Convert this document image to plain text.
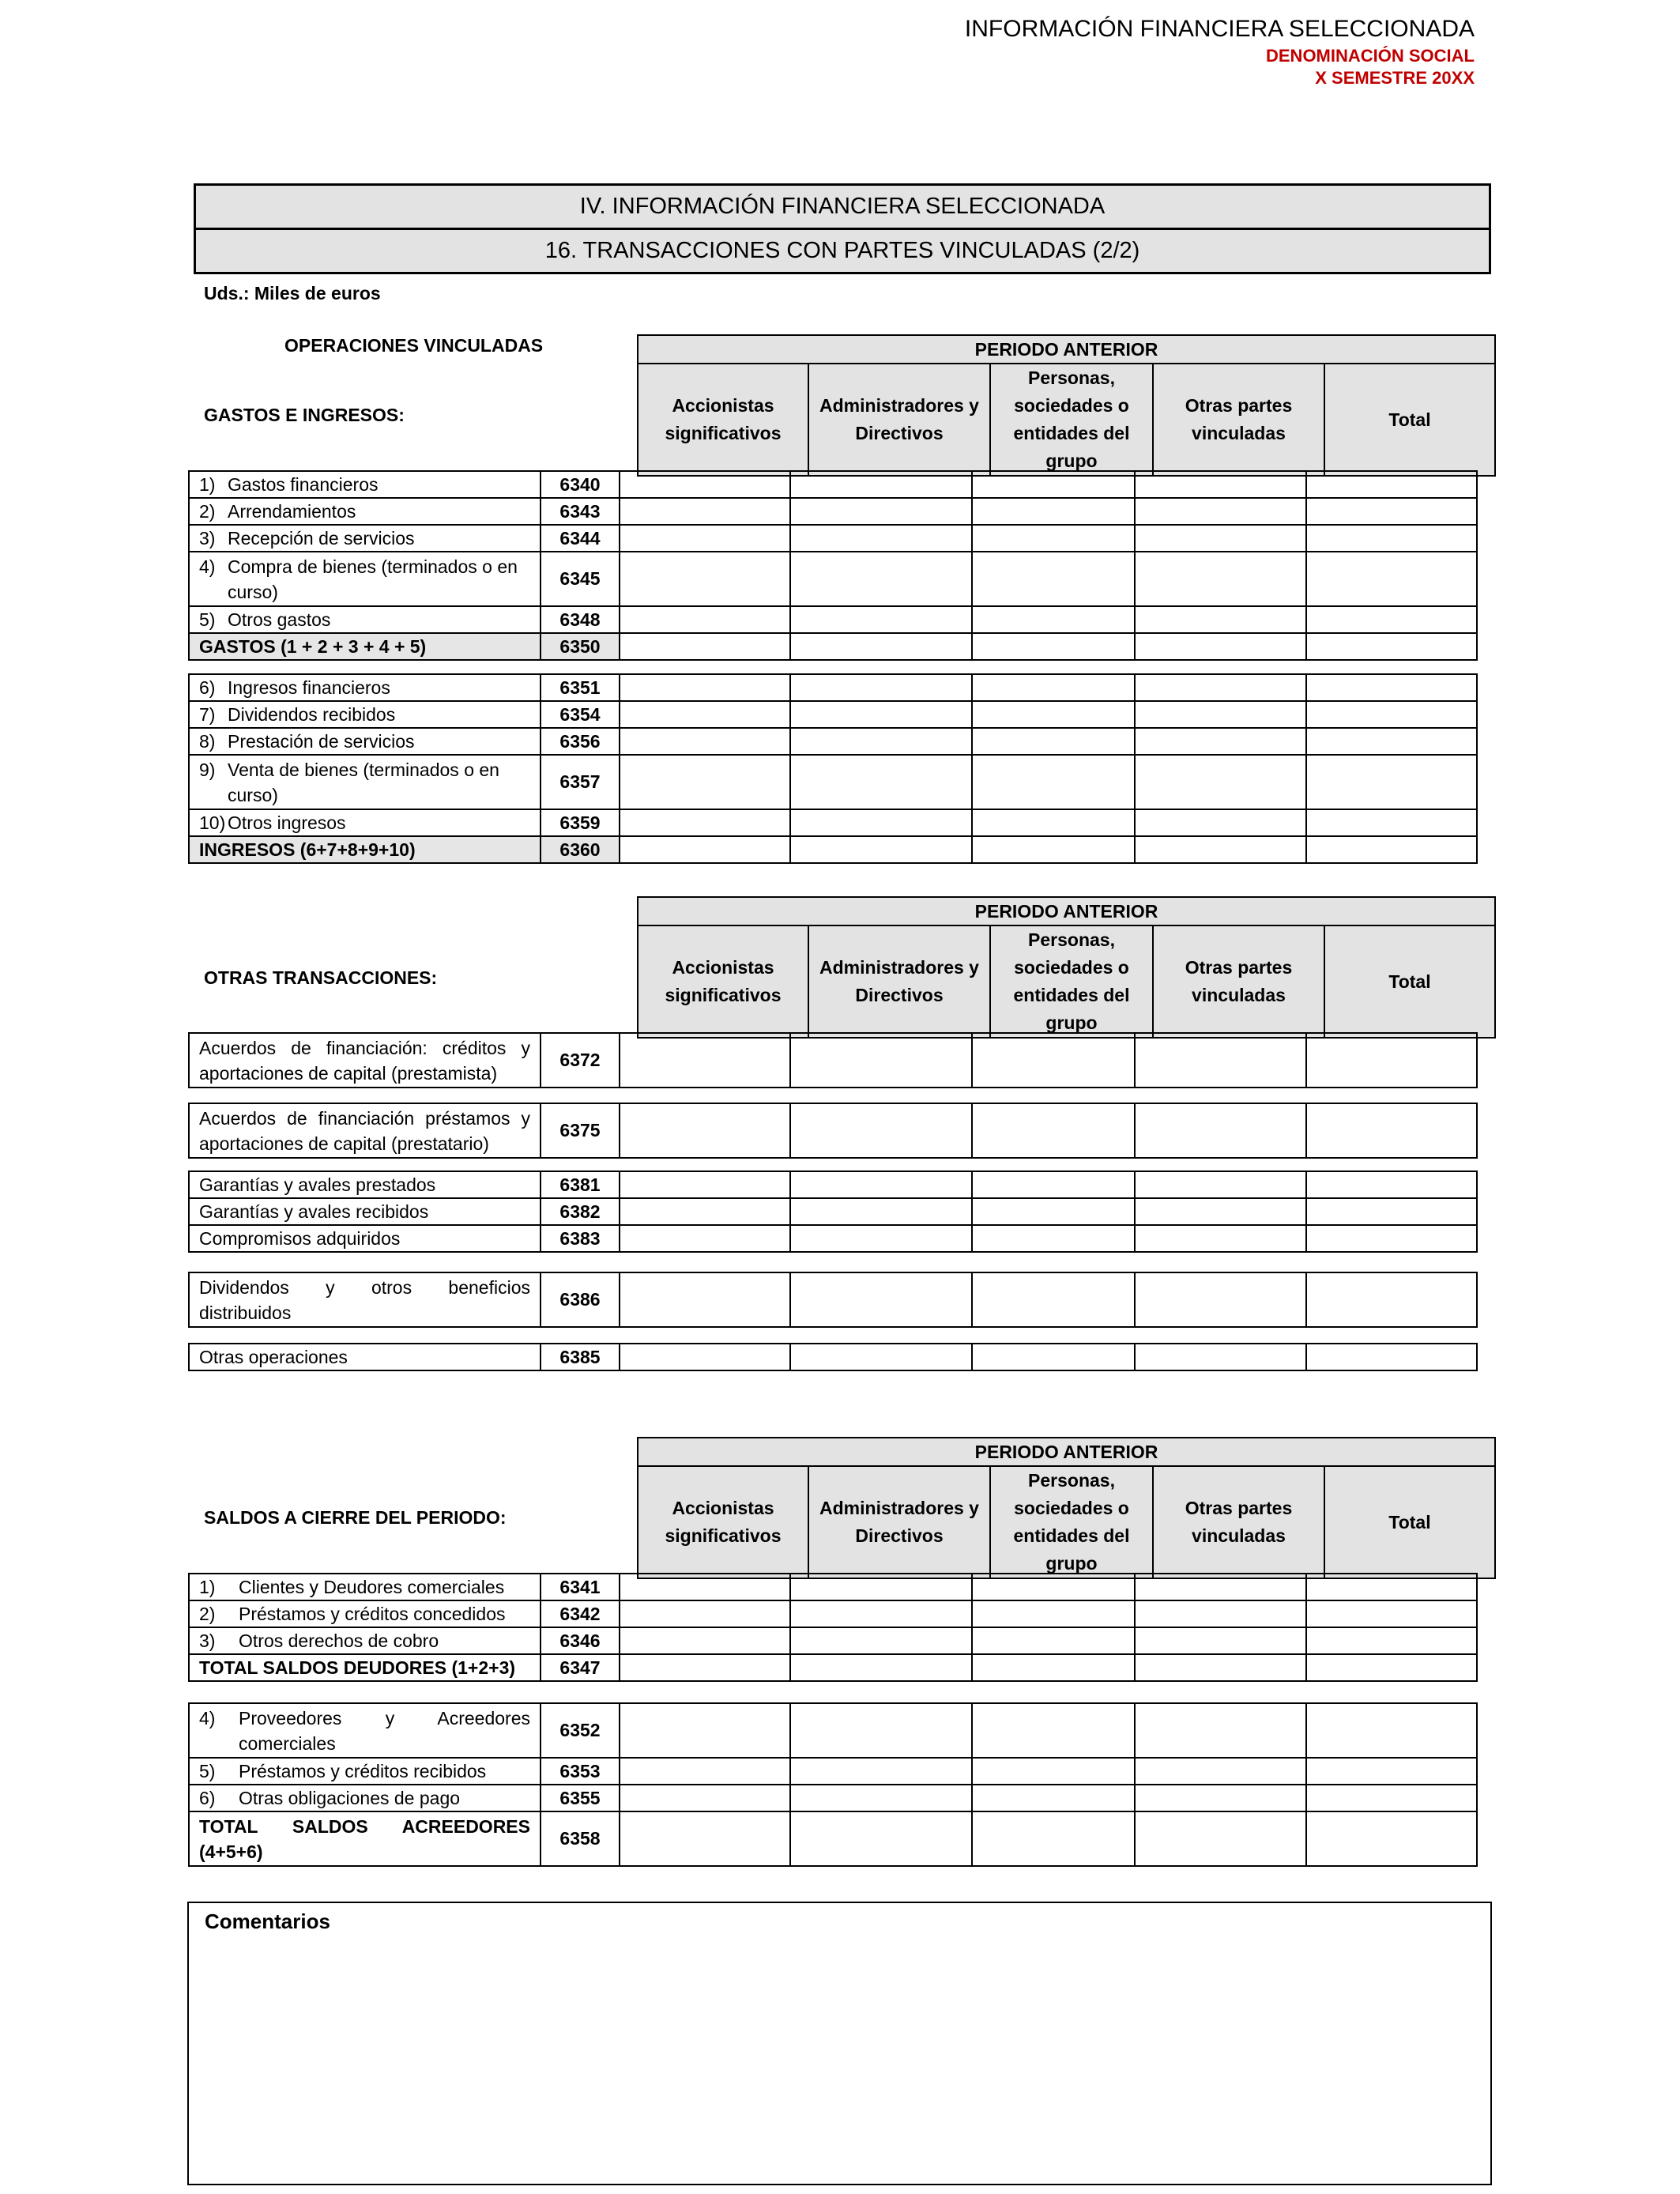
INFORMACIÓN FINANCIERA SELECCIONADA
DENOMINACIÓN SOCIAL
X SEMESTRE 20XX
IV. INFORMACIÓN FINANCIERA SELECCIONADA
16. TRANSACCIONES CON PARTES VINCULADAS (2/2)
Uds.: Miles de euros
OPERACIONES VINCULADAS	PERIODO ANTERIOR
Accionistas significativos	Administradores y Directivos	Personas, sociedades o entidades del grupo	Otras partes vinculadas	Total
GASTOS E INGRESOS:
1) Gastos financieros	6340					
2) Arrendamientos	6343					
3) Recepción de servicios	6344					

4) Compra de bienes (terminados o en curso)	6345					
5) Otros gastos	6348					
GASTOS (1 + 2 + 3 + 4 + 5)	6350					
6) Ingresos financieros	6351					
7) Dividendos recibidos	6354					
8) Prestación de servicios	6356					

9) Venta de bienes (terminados o en curso)	6357					
10) Otros ingresos	6359					
INGRESOS (6+7+8+9+10)	6360					
PERIODO ANTERIOR
Accionistas significativos	Administradores y Directivos	Personas, sociedades o entidades del grupo	Otras partes vinculadas	Total
OTRAS TRANSACCIONES:
Acuerdos de financiación: créditos y aportaciones de capital (prestamista)	6372					
Acuerdos de financiación préstamos y aportaciones de capital (prestatario)	6375					
Garantías y avales prestados	6381					
Garantías y avales recibidos	6382					
Compromisos adquiridos	6383					
Dividendos y otros beneficios distribuidos	6386					
Otras operaciones	6385					
PERIODO ANTERIOR
Accionistas significativos	Administradores y Directivos	Personas, sociedades o entidades del grupo	Otras partes vinculadas	Total
SALDOS A CIERRE DEL PERIODO:
1) Clientes y Deudores comerciales	6341					
2) Préstamos y créditos concedidos	6342					
3) Otros derechos de cobro	6346					
TOTAL SALDOS DEUDORES (1+2+3)	6347					
4) Proveedores y Acreedores comerciales	6352					
5) Préstamos y créditos recibidos	6353					
6) Otras obligaciones de pago	6355					
TOTAL SALDOS ACREEDORES (4+5+6)	6358					
Comentarios
